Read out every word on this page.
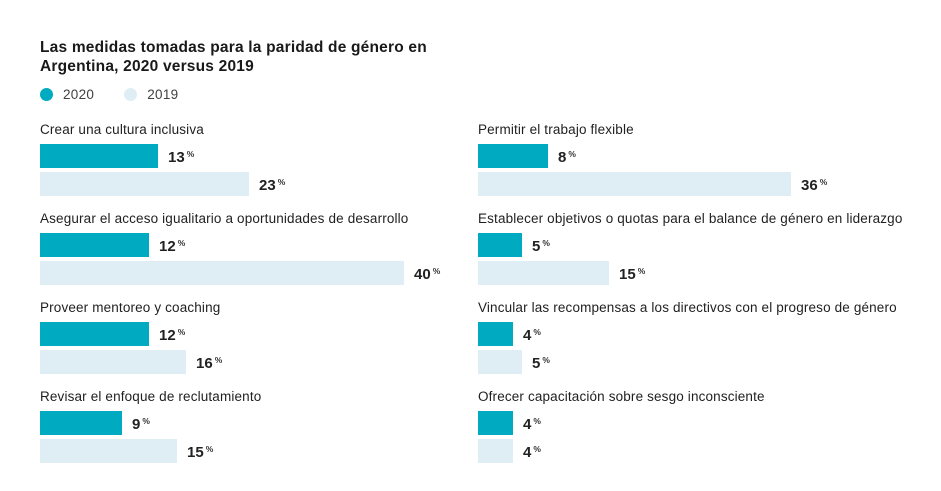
Las medidas tomadas para la paridad de género en
Argentina, 2020 versus 2019
2020	2019
Crear una cultura inclusiva
13 %
23 %
Asegurar el acceso igualitario a oportunidades de desarrollo
12 %
40 %
Proveer mentoreo y coaching
12 %
16 %
Revisar el enfoque de reclutamiento
9 %
15 %
Permitir el trabajo flexible
8 %
36 %
Establecer objetivos o quotas para el balance de género en liderazgo
5 %
15 %
Vincular las recompensas a los directivos con el progreso de género
4 %
5 %
Ofrecer capacitación sobre sesgo inconsciente
4 %
4 %
